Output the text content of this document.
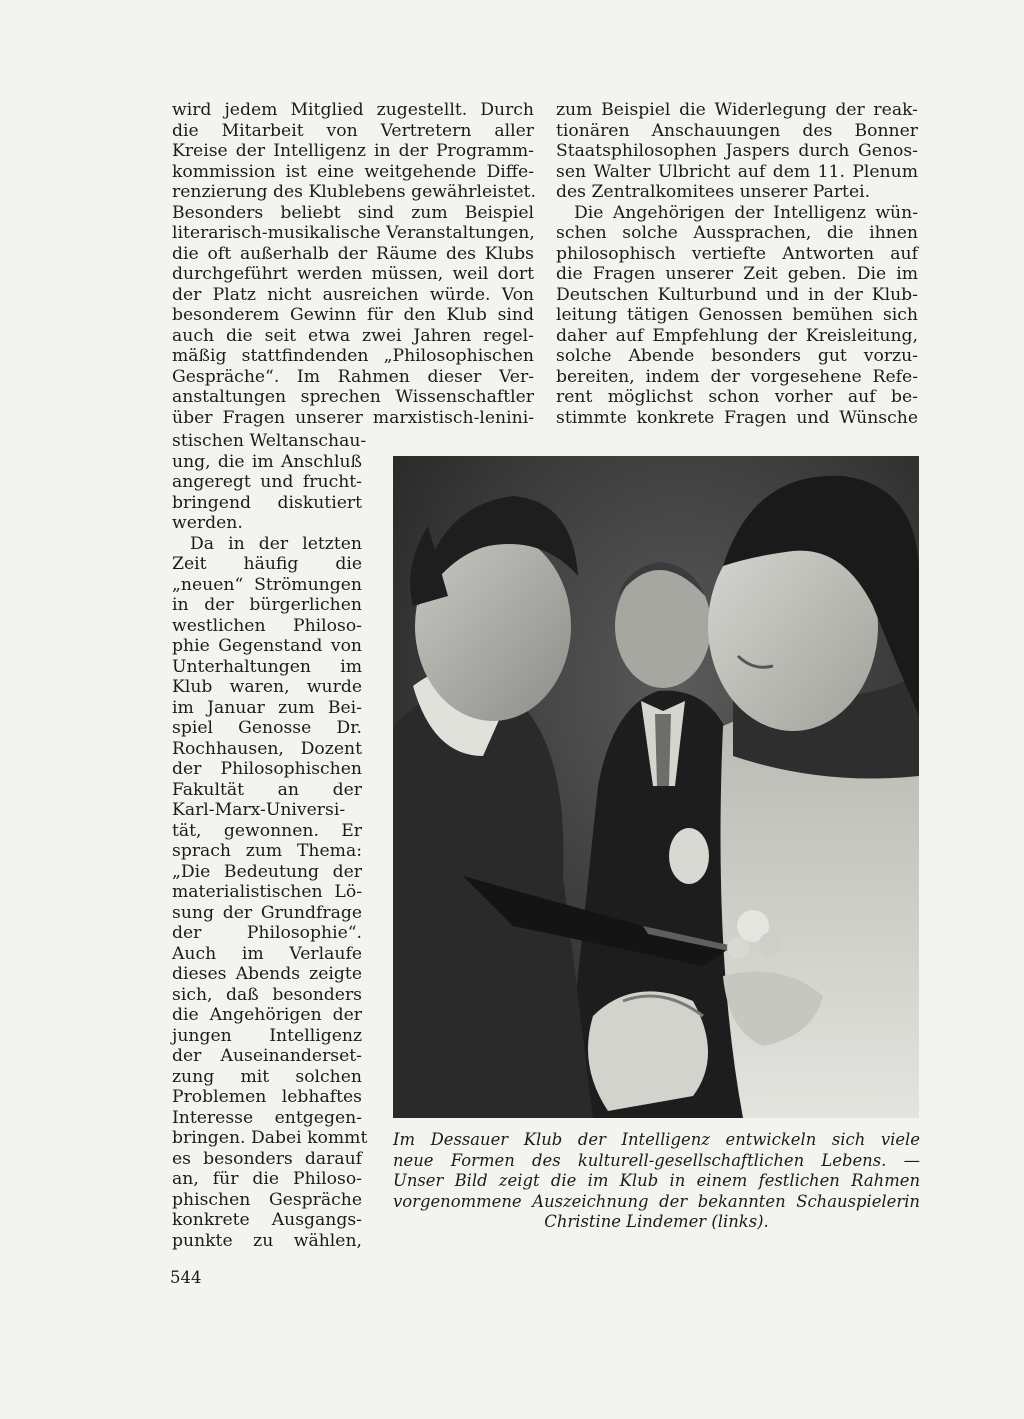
wird jedem Mitglied zugestellt. Durch
die Mitarbeit von Vertretern aller
Kreise der Intelligenz in der Programm-
kommission ist eine weitgehende Diffe-
renzierung des Klublebens gewährleistet.
Besonders beliebt sind zum Beispiel
literarisch-musikalische Veranstaltungen,
die oft außerhalb der Räume des Klubs
durchgeführt werden müssen, weil dort
der Platz nicht ausreichen würde. Von
besonderem Gewinn für den Klub sind
auch die seit etwa zwei Jahren regel-
mäßig stattfindenden „Philosophischen
Gespräche“. Im Rahmen dieser Ver-
anstaltungen sprechen Wissenschaftler
über Fragen unserer marxistisch-lenini-
stischen Weltanschau-
ung, die im Anschluß
angeregt und frucht-
bringend diskutiert
werden.
Da in der letzten
Zeit häufig die
„neuen“ Strömungen
in der bürgerlichen
westlichen Philoso-
phie Gegenstand von
Unterhaltungen im
Klub waren, wurde
im Januar zum Bei-
spiel Genosse Dr.
Rochhausen, Dozent
der Philosophischen
Fakultät an der
Karl-Marx-Universi-
tät, gewonnen. Er
sprach zum Thema:
„Die Bedeutung der
materialistischen Lö-
sung der Grundfrage
der Philosophie“.
Auch im Verlaufe
dieses Abends zeigte
sich, daß besonders
die Angehörigen der
jungen Intelligenz
der Auseinanderset-
zung mit solchen
Problemen lebhaftes
Interesse entgegen-
bringen. Dabei kommt
es besonders darauf
an, für die Philoso-
phischen Gespräche
konkrete Ausgangs-
punkte zu wählen,
zum Beispiel die Widerlegung der reak-
tionären Anschauungen des Bonner
Staatsphilosophen Jaspers durch Genos-
sen Walter Ulbricht auf dem 11. Plenum
des Zentralkomitees unserer Partei.
Die Angehörigen der Intelligenz wün-
schen solche Aussprachen, die ihnen
philosophisch vertiefte Antworten auf
die Fragen unserer Zeit geben. Die im
Deutschen Kulturbund und in der Klub-
leitung tätigen Genossen bemühen sich
daher auf Empfehlung der Kreisleitung,
solche Abende besonders gut vorzu-
bereiten, indem der vorgesehene Refe-
rent möglichst schon vorher auf be-
stimmte konkrete Fragen und Wünsche
Im Dessauer Klub der Intelligenz entwickeln sich viele
neue Formen des kulturell-gesellschaftlichen Lebens. —
Unser Bild zeigt die im Klub in einem festlichen Rahmen
vorgenommene Auszeichnung der bekannten Schauspielerin
Christine Lindemer (links).
544
